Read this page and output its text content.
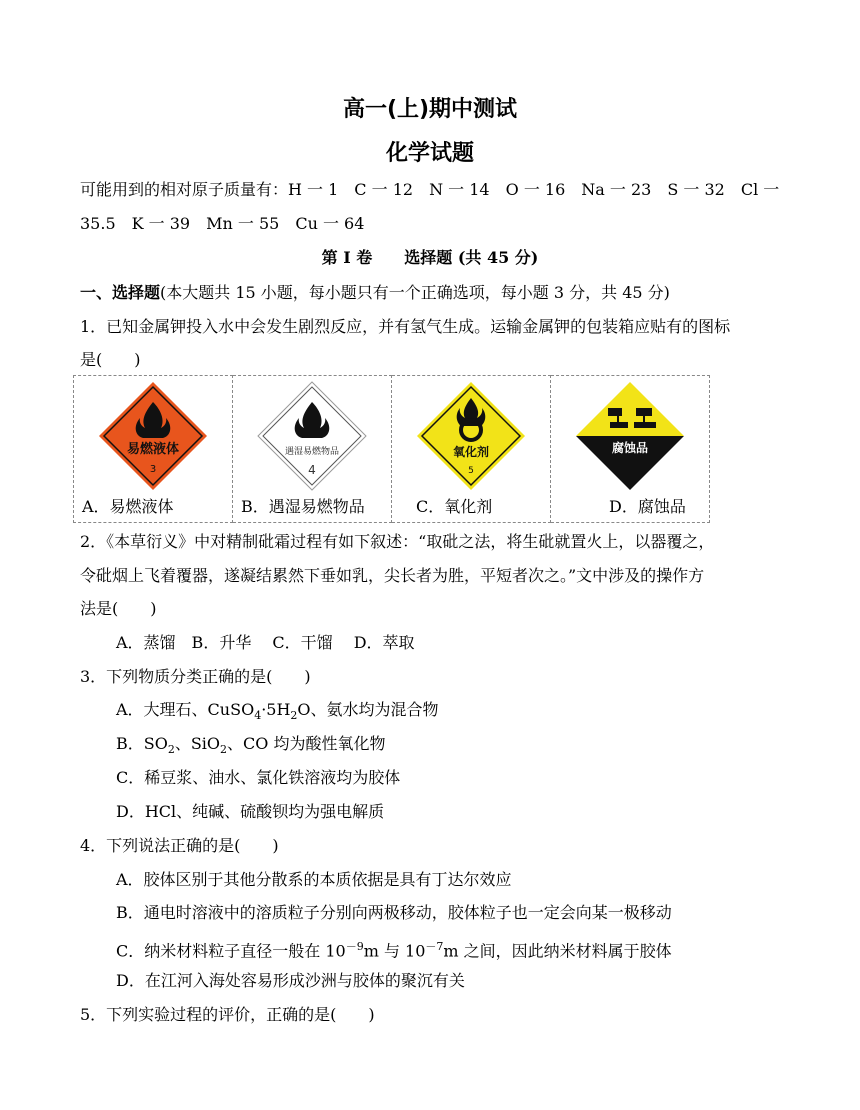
高一(上)期中测试
化学试题
可能用到的相对原子质量有：H 一 1　C 一 12　N 一 14　O 一 16　Na 一 23　S 一 32　Cl 一
35.5　K 一 39　Mn 一 55　Cu 一 64
第 I 卷　　选择题 (共 45 分)
一、选择题(本大题共 15 小题，每小题只有一个正确选项，每小题 3 分，共 45 分)
1．已知金属钾投入水中会发生剧烈反应，并有氢气生成。运输金属钾的包装箱应贴有的图标
是(　　)
易燃液体
3
A．易燃液体

遇湿易燃物品
4
B．遇湿易燃物品

氧化剂
5
C．氧化剂

腐蚀品
D．腐蚀品
2．《本草衍义》中对精制砒霜过程有如下叙述：“取砒之法，将生砒就置火上，以器覆之，
令砒烟上飞着覆器，遂凝结累然下垂如乳，尖长者为胜，平短者次之。”文中涉及的操作方
法是(　　)
A．蒸馏　B．升华　 C．干馏　 D．萃取
3．下列物质分类正确的是(　　)
A．大理石、$CuSO_4\cdot 5H_2O$、氨水均为混合物
B．$SO_2$、SiO$_2$、CO 均为酸性氧化物
C．稀豆浆、油水、氯化铁溶液均为胶体
D．HCl、纯碱、硫酸钡均为强电解质
4．下列说法正确的是(　　)
A．胶体区别于其他分散系的本质依据是具有丁达尔效应
B．通电时溶液中的溶质粒子分别向两极移动，胶体粒子也一定会向某一极移动
C．纳米材料粒子直径一般在 $10^{-9}m$ 与 $10^{-7}m$ 之间，因此纳米材料属于胶体
D．在江河入海处容易形成沙洲与胶体的聚沉有关
5．下列实验过程的评价，正确的是(　　)
